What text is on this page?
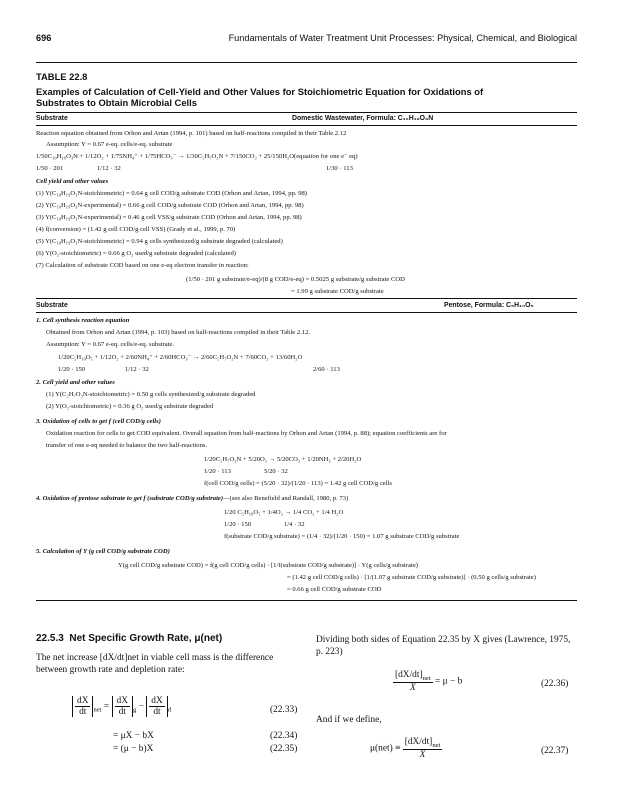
696	Fundamentals of Water Treatment Unit Processes: Physical, Chemical, and Biological
TABLE 22.8
Examples of Calculation of Cell-Yield and Other Values for Stoichiometric Equation for Oxidations of Substrates to Obtain Microbial Cells
Substrate	Domestic Wastewater, Formula: C₁₀H₁₉O₃N
Reaction equation obtained from Orhon and Artan (1994, p. 101) based on half-reactions compiled in their Table 2.12
Assumption: Y = 0.67 e-eq. cells/e-eq. substrate
1/50C₁₀H₁₉O₃N + 1/12O₂ + 1/75NH₄⁺ + 1/75HCO₃⁻ → 1/30C₅H₇O₂N + 7/150CO₂ + 25/150H₂O(equation for one e⁻ eq)
1/50 · 201	1/12 · 32	1/30 · 113
Cell yield and other values
(1) Y(C₁₀H₁₉O₃N-stoichiometric) = 0.64 g cell COD/g substrate COD (Orhon and Artan, 1994, pp. 98)
(2) Y(C₁₀H₁₉O₃N-experimental) = 0.66 g cell COD/g substrate COD (Orhon and Artan, 1994, pp. 98)
(3) Y(C₁₀H₁₉O₃N-experimental) = 0.46 g cell VSS/g substrate COD (Orhon and Artan, 1994, pp. 98)
(4) f(conversion) = (1.42 g cell COD/g cell VSS) (Grady et al., 1999, p. 70)
(5) Y(C₁₀H₁₉O₃N-stoichiometric) = 0.94 g cells synthesized/g substrate degraded (calculated)
(6) Y(O₂-stoichiometric) = 0.66 g O₂ used/g substrate degraded (calculated)
(7) Calculation of substrate COD based on one e-eq electron transfer in reaction:
(1/50 · 201 g substrate/e-eq)/(8 g COD/e-eq) = 0.5025 g substrate/g substrate COD
= 1.99 g substrate COD/g substrate
Substrate	Pentose, Formula: C₅H₁₀O₅
1. Cell synthesis reaction equation
Obtained from Orhon and Artan (1994, p. 103) based on half-reactions compiled in their Table 2.12.
Assumption: Y = 0.67 e-eq. cells/e-eq. substrate.
1/20C₅H₁₀O₅ + 1/12O₂ + 2/60NH₄⁺ + 2/60HCO₃⁻ → 2/60C₅H₇O₂N + 7/60CO₂ + 13/60H₂O
1/20 · 150	1/12 · 32	2/60 · 113
2. Cell yield and other values
(1) Y(C₅H₇O₂N-stoichiometric) = 0.50 g cells synthesized/g substrate degraded
(2) Y(O₂-stoichiometric) = 0.36 g O₂ used/g substrate degraded
3. Oxidation of cells to get f (cell COD/g cells)
Oxidation reaction for cells to get COD equivalent. Overall equation from half-reactions by Orhon and Artan (1994, p. 88); equation coefficients are for
transfer of one e-eq needed to balance the two half-reactions.
1/20C₅H₇O₂N + 5/20O₂ → 5/20CO₂ + 1/20NH₃ + 2/20H₂O
1/20 · 113	5/20 · 32
f(cell COD/g cells) = (5/20 · 32)/(1/20 · 113) = 1.42 g cell COD/g cells
4. Oxidation of pentose substrate to get f (substrate COD/g substrate)—(see also Benefield and Randall, 1980, p. 73)
1/20 C₅H₁₀O₅ + 1/4O₂ → 1/4 CO₂ + 1/4 H₂O
1/20 · 150	1/4 · 32
f(substrate COD/g substrate) = (1/4 · 32)/(1/20 · 150) = 1.07 g substrate COD/g substrate
5. Calculation of Y (g cell COD/g substrate COD)
Y(g cell COD/g substrate COD) = f(g cell COD/g cells) · [1/f(substrate COD/g substrate)] · Y(g cells/g substrate)
= (1.42 g cell COD/g cells) · [1/(1.07 g substrate COD/g substrate)] · (0.50 g cells/g substrate)
= 0.66 g cell COD/g substrate COD
22.5.3 Net Specific Growth Rate, μ(net)
The net increase [dX/dt]net in viable cell mass is the difference between growth rate and depletion rate:
$\frac{dX}{dt} _{net} = \frac{dX}{dt} _g - \frac{dX}{dt} _d$	(22.33)
= μX − bX	(22.34)
= (μ − b)X	(22.35)
Dividing both sides of Equation 22.35 by X gives (Lawrence, 1975, p. 223)
$\frac{[dX/dt]_{net}}{X} = \mu - b$	(22.36)
And if we define,
$\mu(net) \equiv \frac{[dX/dt]_{net}}{X}$	(22.37)
